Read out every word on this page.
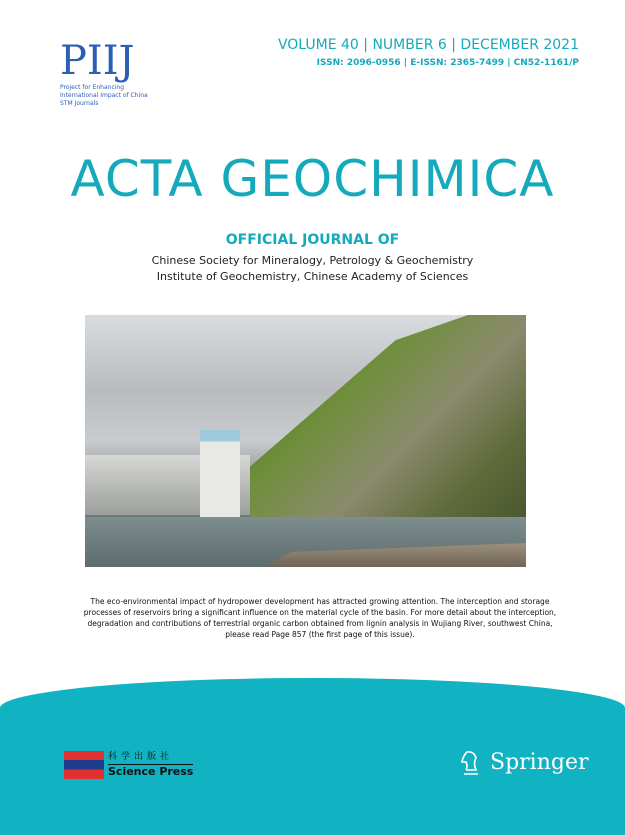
PIIJ
Project for Enhancing International Impact of China STM Journals
VOLUME 40 | NUMBER 6 | DECEMBER 2021
ISSN: 2096-0956 | E-ISSN: 2365-7499 | CN52-1161/P
ACTA GEOCHIMICA
OFFICIAL JOURNAL OF
Chinese Society for Mineralogy, Petrology & Geochemistry
Institute of Geochemistry, Chinese Academy of Sciences
The eco-environmental impact of hydropower development has attracted growing attention. The interception and storage processes of reservoirs bring a significant influence on the material cycle of the basin. For more detail about the interception, degradation and contributions of terrestrial organic carbon obtained from lignin analysis in Wujiang River, southwest China, please read Page 857 (the first page of this issue).
科学出版社
Science Press	Springer
